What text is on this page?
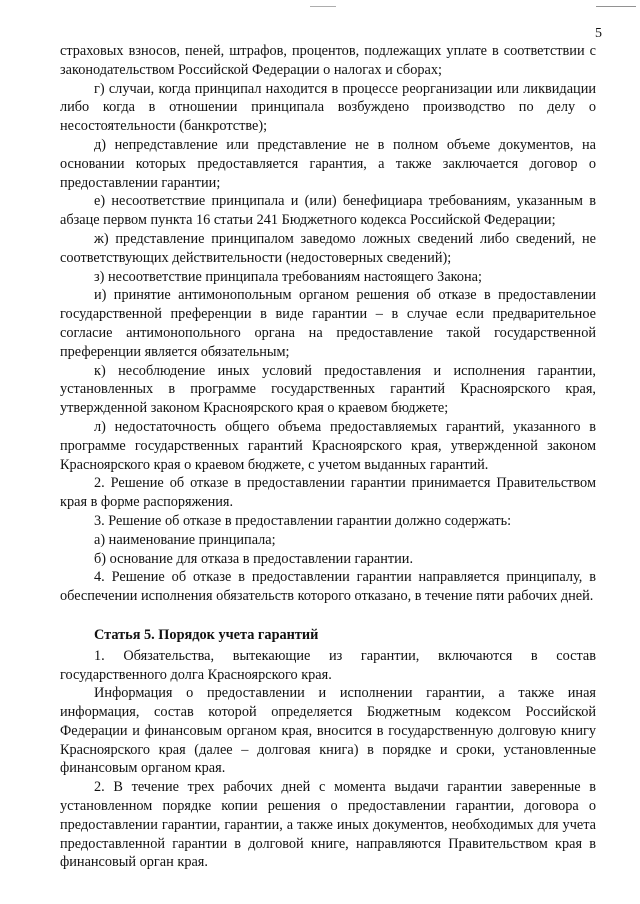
5

страховых взносов, пеней, штрафов, процентов, подлежащих уплате в соответствии с законодательством Российской Федерации о налогах и сборах;

г) случаи, когда принципал находится в процессе реорганизации или ликвидации либо когда в отношении принципала возбуждено производство по делу о несостоятельности (банкротстве);

д) непредставление или представление не в полном объеме документов, на основании которых предоставляется гарантия, а также заключается договор о предоставлении гарантии;

е) несоответствие принципала и (или) бенефициара требованиям, указанным в абзаце первом пункта 16 статьи 241 Бюджетного кодекса Российской Федерации;

ж) представление принципалом заведомо ложных сведений либо сведений, не соответствующих действительности (недостоверных сведений);

з) несоответствие принципала требованиям настоящего Закона;

и) принятие антимонопольным органом решения об отказе в предоставлении государственной преференции в виде гарантии – в случае если предварительное согласие антимонопольного органа на предоставление такой государственной преференции является обязательным;

к) несоблюдение иных условий предоставления и исполнения гарантии, установленных в программе государственных гарантий Красноярского края, утвержденной законом Красноярского края о краевом бюджете;

л) недостаточность общего объема предоставляемых гарантий, указанного в программе государственных гарантий Красноярского края, утвержденной законом Красноярского края о краевом бюджете, с учетом выданных гарантий.

2. Решение об отказе в предоставлении гарантии принимается Правительством края в форме распоряжения.

3. Решение об отказе в предоставлении гарантии должно содержать:

а) наименование принципала;

б) основание для отказа в предоставлении гарантии.

4. Решение об отказе в предоставлении гарантии направляется принципалу, в обеспечении исполнения обязательств которого отказано, в течение пяти рабочих дней.

Статья 5. Порядок учета гарантий

1. Обязательства, вытекающие из гарантии, включаются в состав государственного долга Красноярского края.

Информация о предоставлении и исполнении гарантии, а также иная информация, состав которой определяется Бюджетным кодексом Российской Федерации и финансовым органом края, вносится в государственную долговую книгу Красноярского края (далее – долговая книга) в порядке и сроки, установленные финансовым органом края.

2. В течение трех рабочих дней с момента выдачи гарантии заверенные в установленном порядке копии решения о предоставлении гарантии, договора о предоставлении гарантии, гарантии, а также иных документов, необходимых для учета предоставленной гарантии в долговой книге, направляются Правительством края в финансовый орган края.
